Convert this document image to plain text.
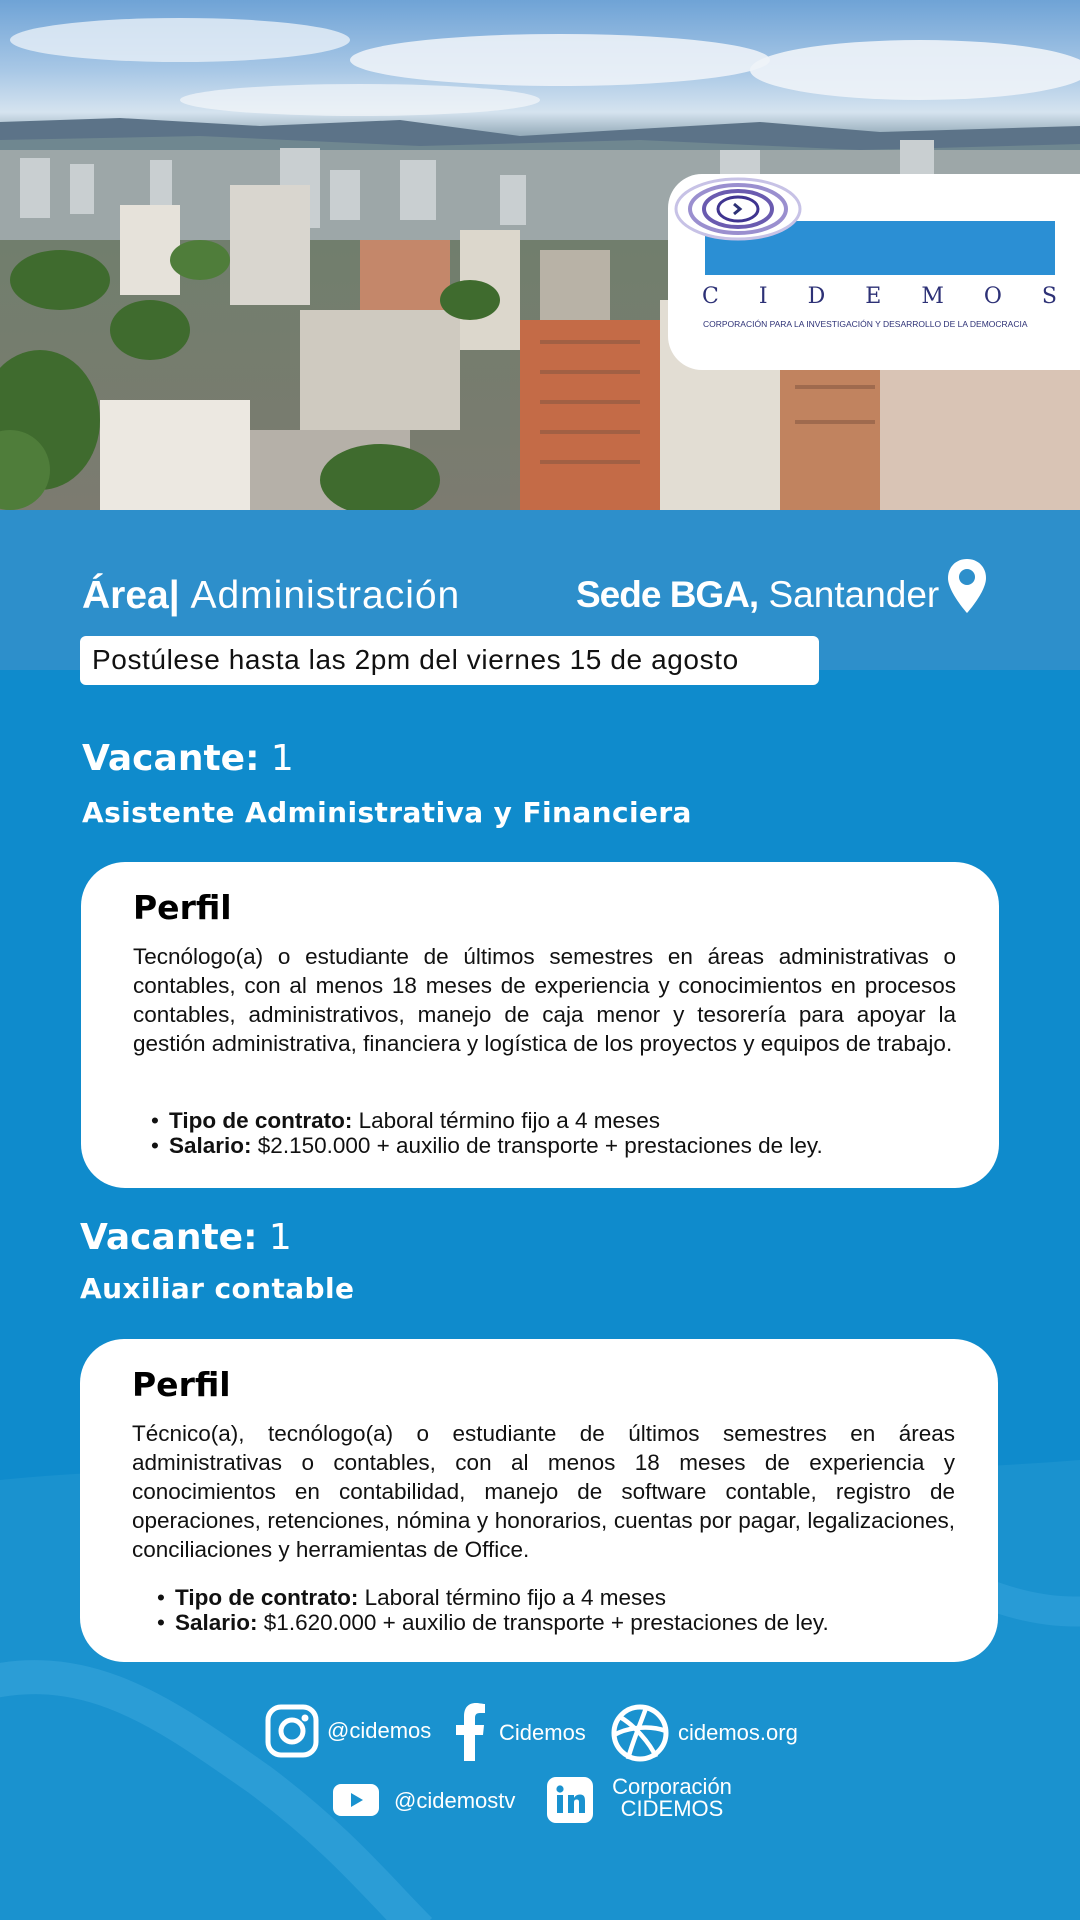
C I D E M O S
CORPORACIÓN PARA LA INVESTIGACIÓN Y DESARROLLO DE LA DEMOCRACIA
Área| Administración	Sede BGA, Santander
Postúlese hasta las 2pm del viernes 15 de agosto
Vacante: 1
Asistente Administrativa y Financiera
Perfil

Tecnólogo(a) o estudiante de últimos semestres en áreas administrativas o contables, con al menos 18 meses de experiencia y conocimientos en procesos contables, administrativos, manejo de caja menor y tesorería para apoyar la gestión administrativa, financiera y logística de los proyectos y equipos de trabajo.

• Tipo de contrato: Laboral término fijo a 4 meses
• Salario: $2.150.000 + auxilio de transporte + prestaciones de ley.
Vacante: 1
Auxiliar contable
Perfil

Técnico(a), tecnólogo(a) o estudiante de últimos semestres en áreas administrativas o contables, con al menos 18 meses de experiencia y conocimientos en contabilidad, manejo de software contable, registro de operaciones, retenciones, nómina y honorarios, cuentas por pagar, legalizaciones, conciliaciones y herramientas de Office.

• Tipo de contrato: Laboral término fijo a 4 meses
• Salario: $1.620.000 + auxilio de transporte + prestaciones de ley.
@cidemos	Cidemos	cidemos.org
@cidemostv
Corporación
CIDEMOS
